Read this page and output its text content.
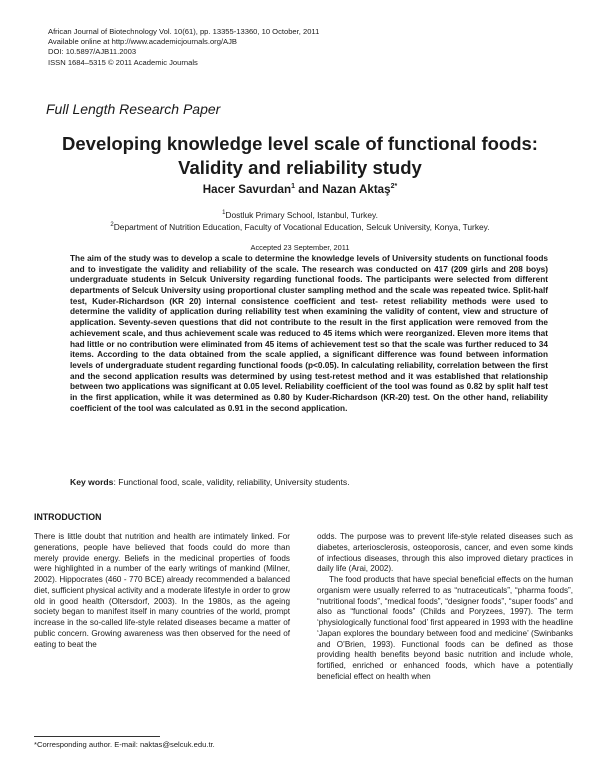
African Journal of Biotechnology Vol. 10(61), pp. 13355-13360, 10 October, 2011
Available online at http://www.academicjournals.org/AJB
DOI: 10.5897/AJB11.2003
ISSN 1684–5315 © 2011 Academic Journals
Full Length Research Paper
Developing knowledge level scale of functional foods:
Validity and reliability study
Hacer Savurdan$^1$ and Nazan Aktaş$^{2*}$
$^1$Dostluk Primary School, Istanbul, Turkey.
$^2$Department of Nutrition Education, Faculty of Vocational Education, Selcuk University, Konya, Turkey.
Accepted 23 September, 2011
The aim of the study was to develop a scale to determine the knowledge levels of University students on functional foods and to investigate the validity and reliability of the scale. The research was conducted on 417 (209 girls and 208 boys) undergraduate students in Selcuk University regarding functional foods. The participants were selected from different departments of Selcuk University using proportional cluster sampling method and the scale was repeated twice. Split-half test, Kuder-Richardson (KR 20) internal consistence coefficient and test- retest reliability methods were used to determine the validity of application during reliability test when examining the validity of content, view and structure of application. Seventy-seven questions that did not contribute to the result in the first application were removed from the achievement scale, and thus achievement scale was reduced to 45 items which were reorganized. Eleven more items that had little or no contribution were eliminated from 45 items of achievement test so that the scale was further reduced to 34 items. According to the data obtained from the scale applied, a significant difference was found between information levels of undergraduate student regarding functional foods (p<0.05). In calculating reliability, correlation between the first and the second application results was determined by using test-retest method and it was established that relationship between two applications was significant at 0.05 level. Reliability coefficient of the tool was found as 0.82 by split half test in the first application, while it was determined as 0.80 by Kuder-Richardson (KR-20) test. On the other hand, reliability coefficient of the tool was calculated as 0.91 in the second application.
Key words: Functional food, scale, validity, reliability, University students.
INTRODUCTION

There is little doubt that nutrition and health are intimately linked. For generations, people have believed that foods could do more than merely provide energy. Beliefs in the medicinal properties of foods were highlighted in a number of the early writings of mankind (Milner, 2002). Hippocrates (460 - 770 BCE) already recommended a balanced diet, sufficient physical activity and a moderate lifestyle in order to grow old in good health (Oltersdorf, 2003). In the 1980s, as the ageing society began to manifest itself in many countries of the world, prompt increase in the so-called life-style related diseases became a matter of public concern. Growing awareness was then observed for the need of eating to beat the

odds. The purpose was to prevent life-style related diseases such as diabetes, arteriosclerosis, osteoporosis, cancer, and even some kinds of infectious diseases, through this also improved dietary practices in daily life (Arai, 2002).

The food products that have special beneficial effects on the human organism were usually referred to as “nutraceuticals”, “pharma foods”, “nutritional foods”, “medical foods”, “designer foods”, “super foods” and also as “functional foods” (Childs and Poryzees, 1997). The term ‘physiologically functional food’ first appeared in 1993 with the headline ‘Japan explores the boundary between food and medicine’ (Swinbanks and O’Brien, 1993). Functional foods can be defined as those providing health benefits beyond basic nutrition and include whole, fortified, enriched or enhanced foods, which have a potentially beneficial effect on health when

*Corresponding author. E-mail: naktas@selcuk.edu.tr.
